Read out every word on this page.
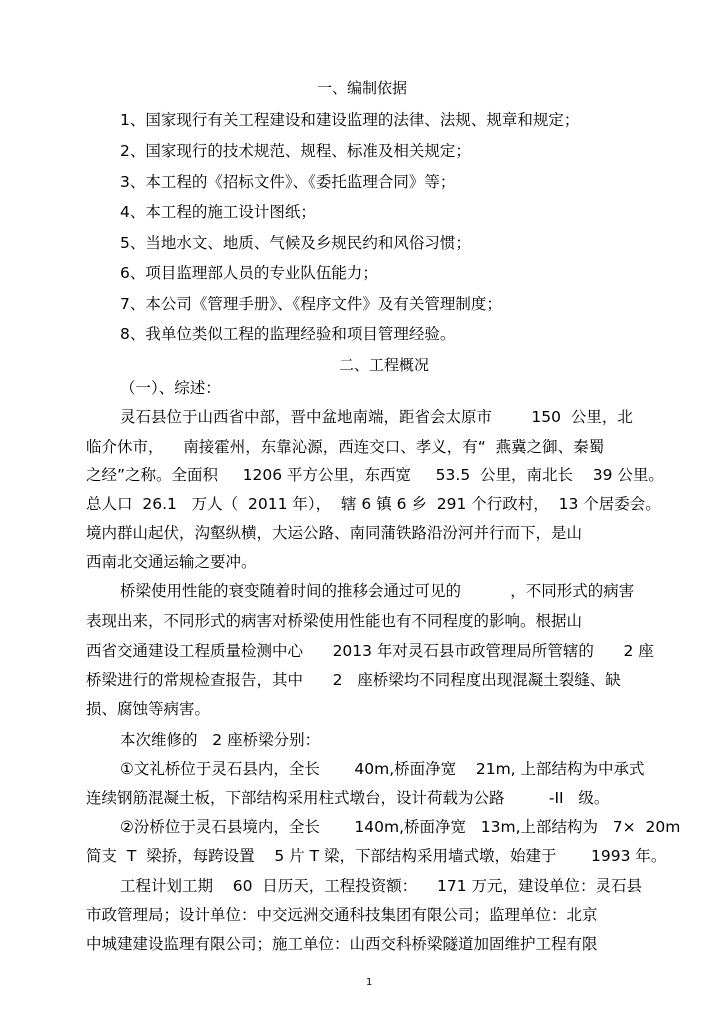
一、编制依据
1、国家现行有关工程建设和建设监理的法律、法规、规章和规定；
2、国家现行的技术规范、规程、标准及相关规定；
3、本工程的《招标文件》、《委托监理合同》等；
4、本工程的施工设计图纸；
5、当地水文、地质、气候及乡规民约和风俗习惯；
6、项目监理部人员的专业队伍能力；
7、本公司《管理手册》、《程序文件》及有关管理制度；
8、我单位类似工程的监理经验和项目管理经验。
二、工程概况
（一）、综述：
灵石县位于山西省中部，晋中盆地南端，距省会太原市        150  公里，北
临介休市，    南接霍州，东靠沁源，西连交口、孝义，有“  燕冀之御、秦蜀
之经”之称。全面积     1206 平方公里，东西宽     53.5  公里，南北长    39 公里。
总人口  26.1   万人（  2011 年），  辖 6 镇 6 乡  291 个行政村，  13 个居委会。
境内群山起伏，沟壑纵横，大运公路、南同蒲铁路沿汾河并行而下，是山
西南北交通运输之要冲。
桥梁使用性能的衰变随着时间的推移会通过可见的          ，不同形式的病害
表现出来，不同形式的病害对桥梁使用性能也有不同程度的影响。根据山
西省交通建设工程质量检测中心      2013 年对灵石县市政管理局所管辖的      2 座
桥梁进行的常规检查报告，其中      2   座桥梁均不同程度出现混凝土裂缝、缺
损、腐蚀等病害。
本次维修的   2 座桥梁分别：
①文礼桥位于灵石县内，全长       40m,桥面净宽    21m, 上部结构为中承式
连续钢筋混凝土板，下部结构采用柱式墩台，设计荷载为公路         -II   级。
②汾桥位于灵石县境内，全长       140m,桥面净宽   13m,上部结构为   7×  20m
简支  T  梁挢，每跨设置    5 片 T 梁，下部结构采用墙式墩，始建于       1993 年。
工程计划工期    60  日历天，工程投资额：    171 万元，建设单位：灵石县
市政管理局；设计单位：中交远洲交通科技集团有限公司；监理单位：北京
中城建建设监理有限公司；施工单位：山西交科桥梁隧道加固维护工程有限
1
